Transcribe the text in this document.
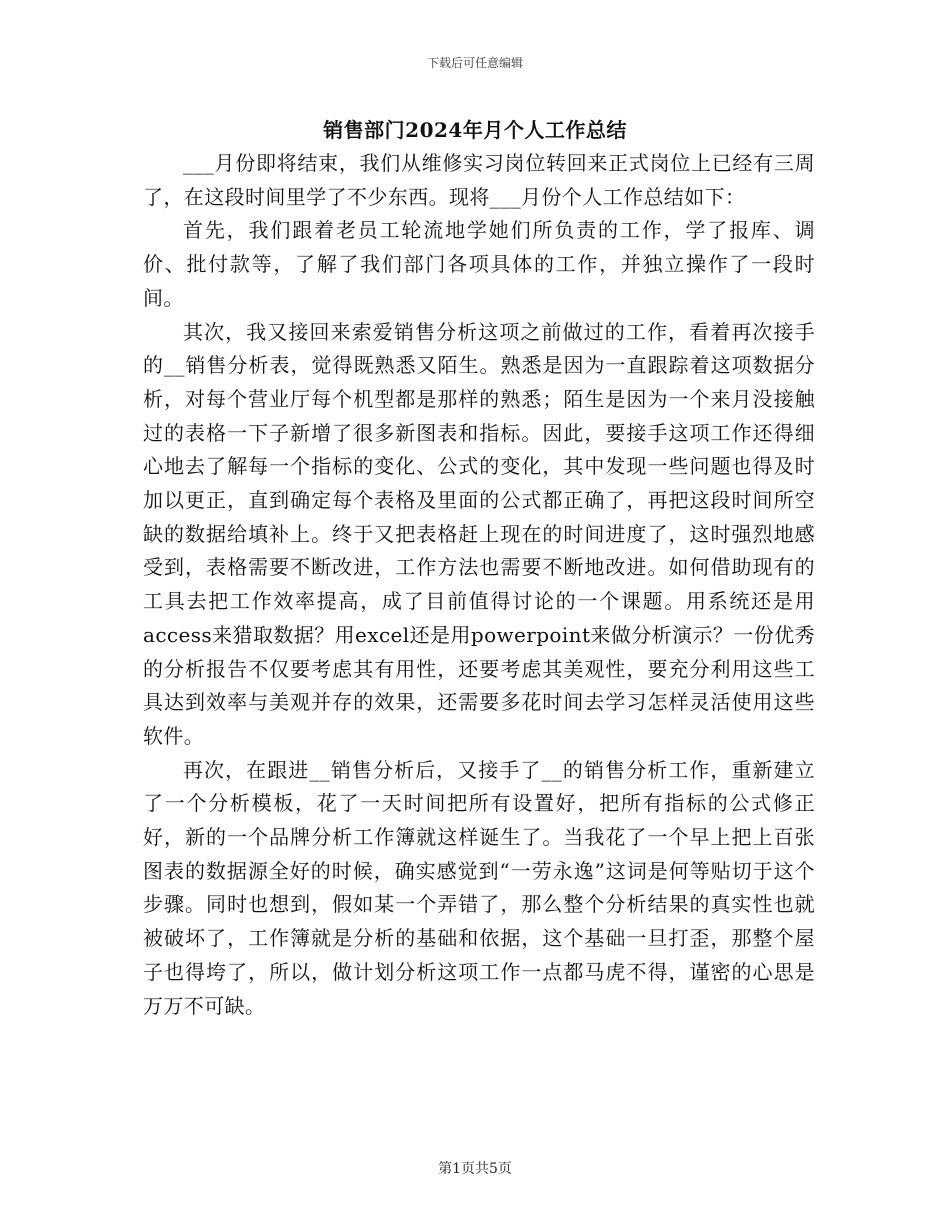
下载后可任意编辑
销售部门2024年月个人工作总结

___月份即将结束，我们从维修实习岗位转回来正式岗位上已经有三周了，在这段时间里学了不少东西。现将___月份个人工作总结如下：

首先，我们跟着老员工轮流地学她们所负责的工作，学了报库、调价、批付款等，了解了我们部门各项具体的工作，并独立操作了一段时间。

其次，我又接回来索爱销售分析这项之前做过的工作，看着再次接手的__销售分析表，觉得既熟悉又陌生。熟悉是因为一直跟踪着这项数据分析，对每个营业厅每个机型都是那样的熟悉；陌生是因为一个来月没接触过的表格一下子新增了很多新图表和指标。因此，要接手这项工作还得细心地去了解每一个指标的变化、公式的变化，其中发现一些问题也得及时加以更正，直到确定每个表格及里面的公式都正确了，再把这段时间所空缺的数据给填补上。终于又把表格赶上现在的时间进度了，这时强烈地感受到，表格需要不断改进，工作方法也需要不断地改进。如何借助现有的工具去把工作效率提高，成了目前值得讨论的一个课题。用系统还是用access来猎取数据？用excel还是用powerpoint来做分析演示？一份优秀的分析报告不仅要考虑其有用性，还要考虑其美观性，要充分利用这些工具达到效率与美观并存的效果，还需要多花时间去学习怎样灵活使用这些软件。

再次，在跟进__销售分析后，又接手了__的销售分析工作，重新建立了一个分析模板，花了一天时间把所有设置好，把所有指标的公式修正好，新的一个品牌分析工作簿就这样诞生了。当我花了一个早上把上百张图表的数据源全好的时候，确实感觉到“一劳永逸”这词是何等贴切于这个步骤。同时也想到，假如某一个弄错了，那么整个分析结果的真实性也就被破坏了，工作簿就是分析的基础和依据，这个基础一旦打歪，那整个屋子也得垮了，所以，做计划分析这项工作一点都马虎不得，谨密的心思是万万不可缺。

第1页共5页
